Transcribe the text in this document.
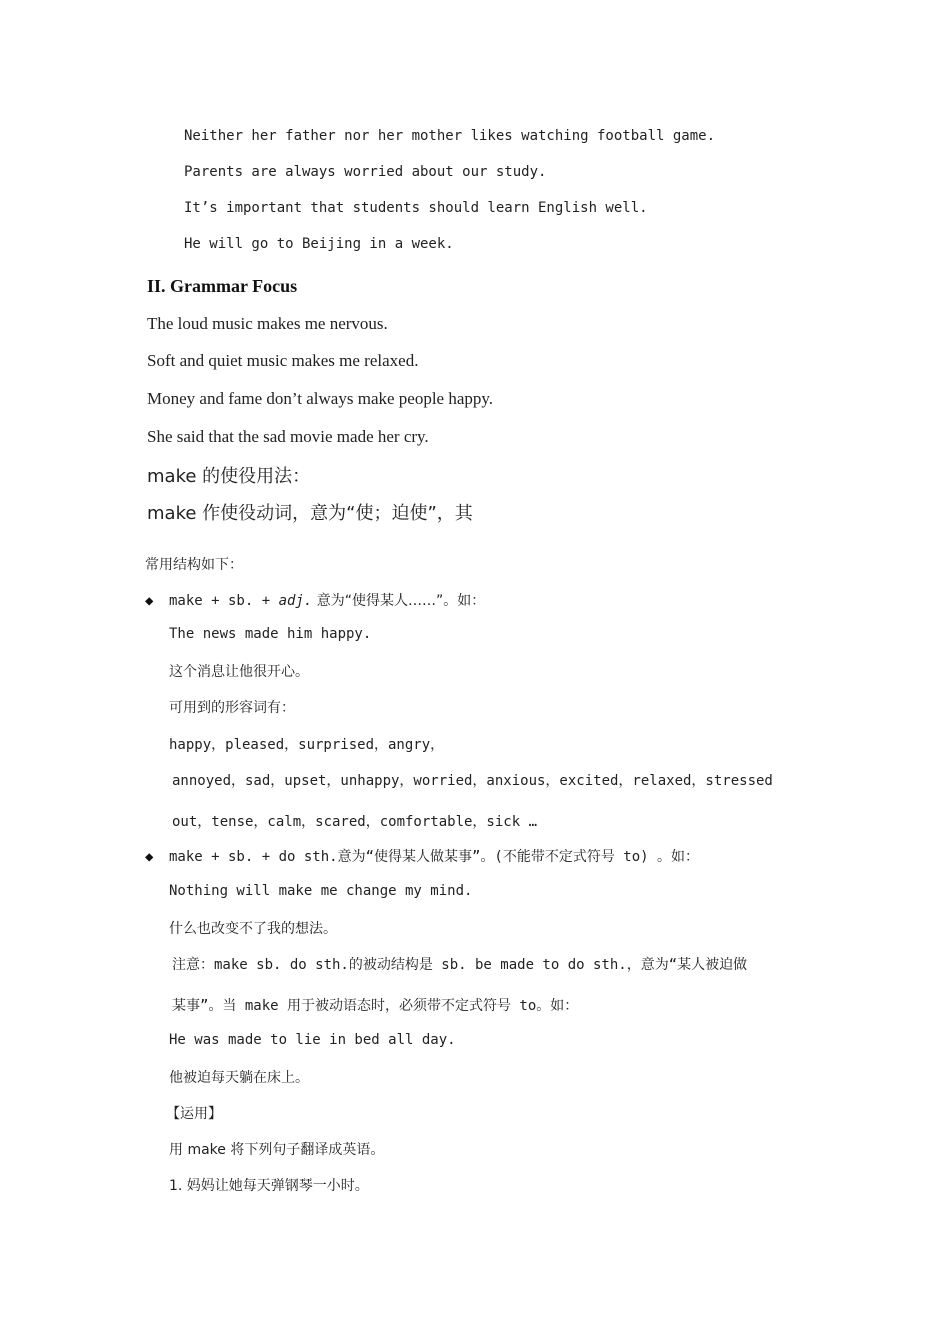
Neither her father nor her mother likes watching football game.
Parents are always worried about our study.
It’s important that students should learn English well.
He will go to Beijing in a week.
II. Grammar Focus
The loud music makes me nervous.
Soft and quiet music makes me relaxed.
Money and fame don’t always make people happy.
She said that the sad movie made her cry.
make 的使役用法：
make 作使役动词，意为“使；迫使”，其
常用结构如下：
◆ make + sb. + adj. 意为“使得某人……”。如：
The news made him happy.
这个消息让他很开心。
可用到的形容词有：
happy，pleased，surprised，angry，
annoyed，sad，upset，unhappy，worried，anxious，excited，relaxed，stressed
out，tense，calm，scared，comfortable，sick …
◆ make + sb. + do sth.意为“使得某人做某事”。(不能带不定式符号 to) 。如：
Nothing will make me change my mind.
什么也改变不了我的想法。
注意：make sb. do sth.的被动结构是 sb. be made to do sth.，意为“某人被迫做
某事”。当 make 用于被动语态时，必须带不定式符号 to。如：
He was made to lie in bed all day.
他被迫每天躺在床上。
【运用】
用 make 将下列句子翻译成英语。
1. 妈妈让她每天弹钢琴一小时。
